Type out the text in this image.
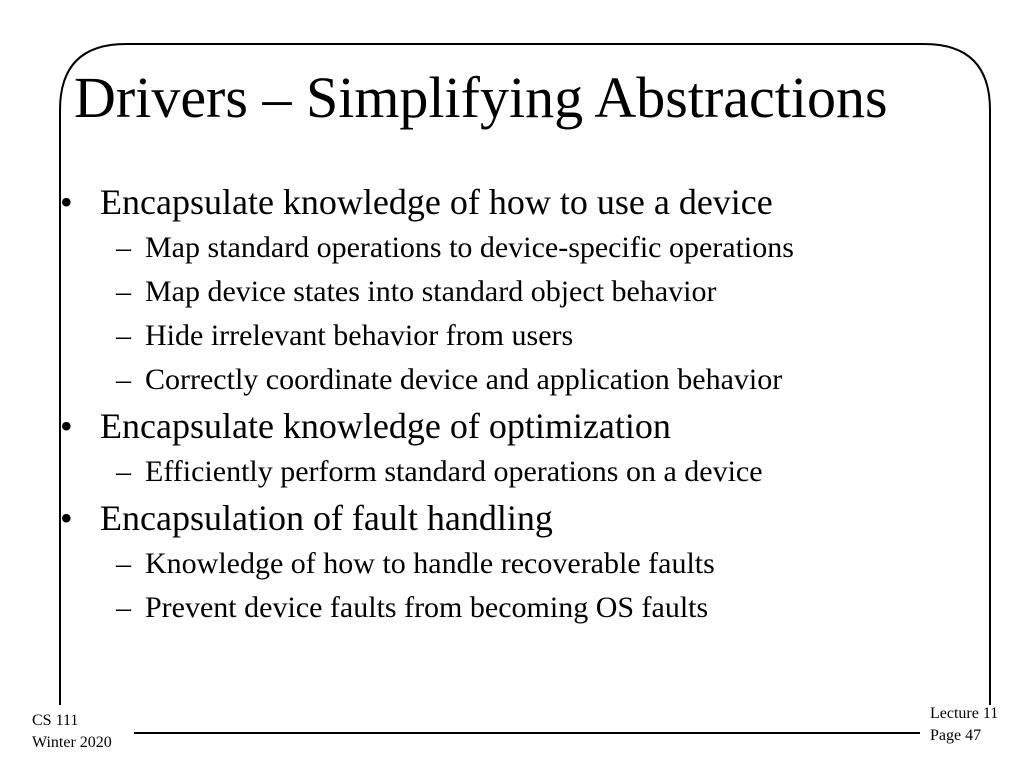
Drivers – Simplifying Abstractions
• Encapsulate knowledge of how to use a device
– Map standard operations to device-specific operations
– Map device states into standard object behavior
– Hide irrelevant behavior from users
– Correctly coordinate device and application behavior
• Encapsulate knowledge of optimization
– Efficiently perform standard operations on a device
• Encapsulation of fault handling
– Knowledge of how to handle recoverable faults
– Prevent device faults from becoming OS faults
CS 111
Winter 2020
Lecture 11
Page 47
